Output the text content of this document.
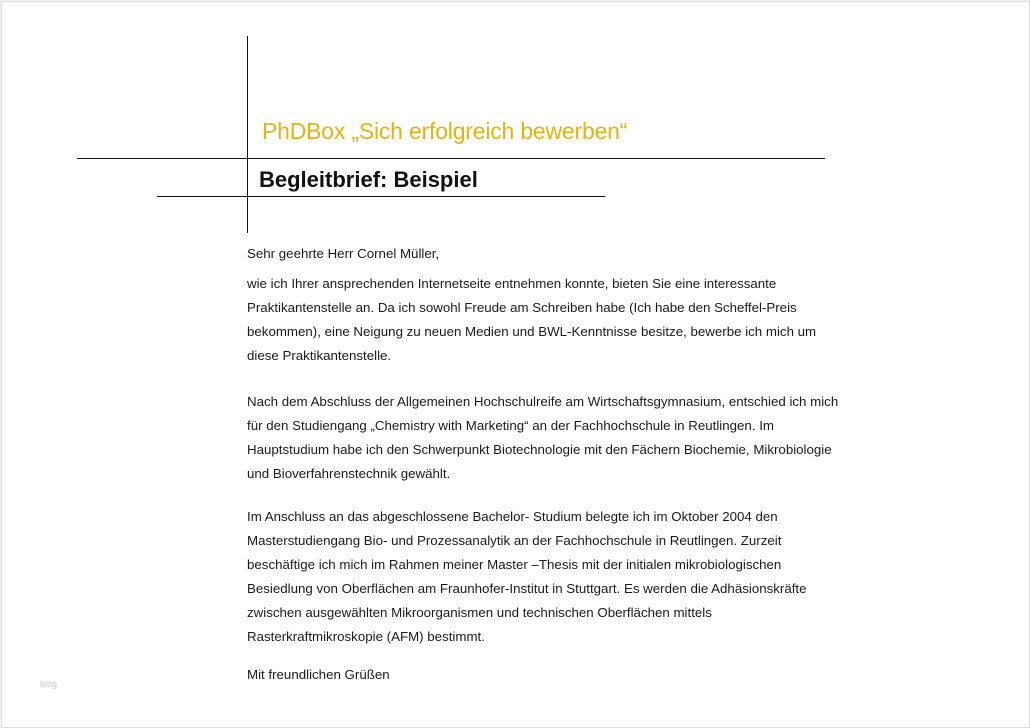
PhDBox „Sich erfolgreich bewerben“
Begleitbrief: Beispiel
Sehr geehrte Herr Cornel Müller,
wie ich Ihrer ansprechenden Internetseite entnehmen konnte, bieten Sie eine interessante
Praktikantenstelle an. Da ich sowohl Freude am Schreiben habe (Ich habe den Scheffel-Preis
bekommen), eine Neigung zu neuen Medien und BWL-Kenntnisse besitze, bewerbe ich mich um
diese Praktikantenstelle.
Nach dem Abschluss der Allgemeinen Hochschulreife am Wirtschaftsgymnasium, entschied ich mich
für den Studiengang „Chemistry with Marketing“ an der Fachhochschule in Reutlingen. Im
Hauptstudium habe ich den Schwerpunkt Biotechnologie mit den Fächern Biochemie, Mikrobiologie
und Bioverfahrenstechnik gewählt.
Im Anschluss an das abgeschlossene Bachelor- Studium belegte ich im Oktober 2004 den
Masterstudiengang Bio- und Prozessanalytik an der Fachhochschule in Reutlingen. Zurzeit
beschäftige ich mich im Rahmen meiner Master –Thesis mit der initialen mikrobiologischen
Besiedlung von Oberflächen am Fraunhofer-Institut in Stuttgart. Es werden die Adhäsionskräfte
zwischen ausgewählten Mikroorganismen und technischen Oberflächen mittels
Rasterkraftmikroskopie (AFM) bestimmt.
Mit freundlichen Grüßen
blog
